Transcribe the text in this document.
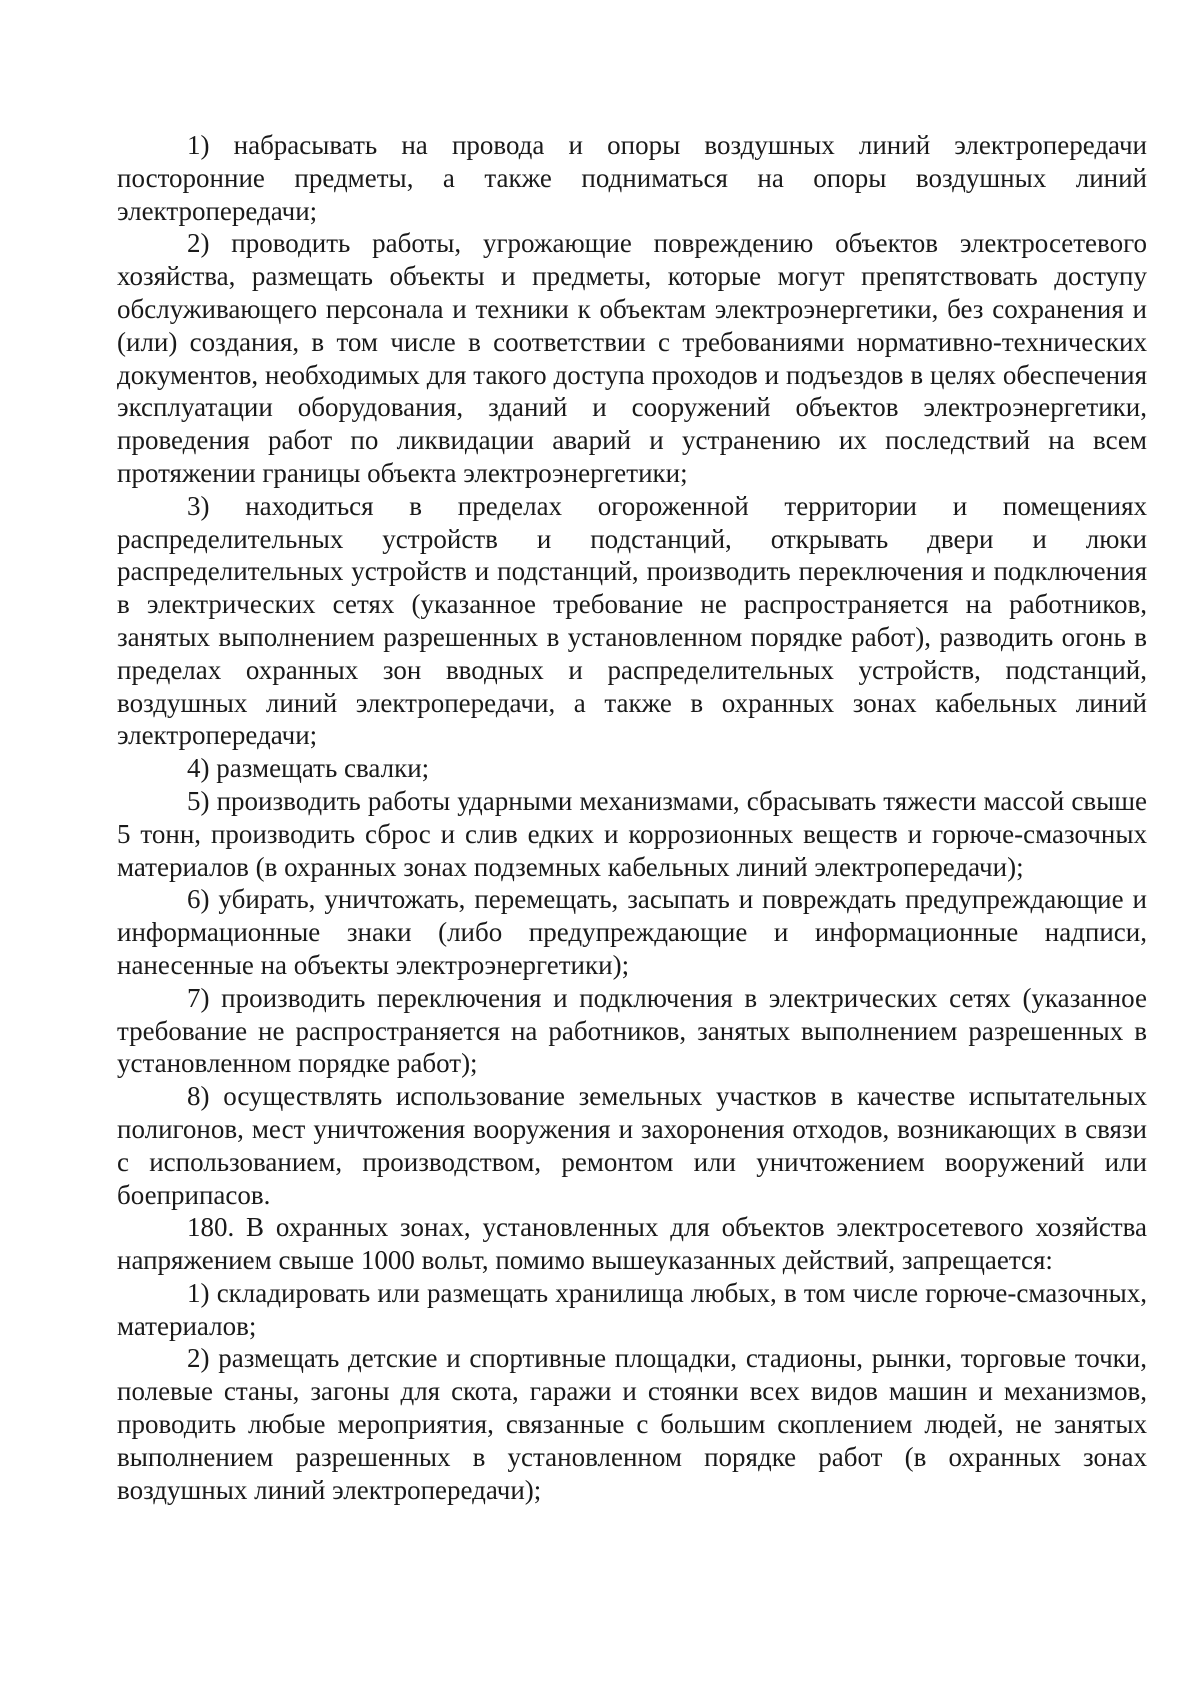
1) набрасывать на провода и опоры воздушных линий электропередачи посторонние предметы, а также подниматься на опоры воздушных линий электропередачи;

2) проводить работы, угрожающие повреждению объектов электросетевого хозяйства, размещать объекты и предметы, которые могут препятствовать доступу обслуживающего персонала и техники к объектам электроэнергетики, без сохранения и (или) создания, в том числе в соответствии с требованиями нормативно-технических документов, необходимых для такого доступа проходов и подъездов в целях обеспечения эксплуатации оборудования, зданий и сооружений объектов электроэнергетики, проведения работ по ликвидации аварий и устранению их последствий на всем протяжении границы объекта электроэнергетики;

3) находиться в пределах огороженной территории и помещениях распределительных устройств и подстанций, открывать двери и люки распределительных устройств и подстанций, производить переключения и подключения в электрических сетях (указанное требование не распространяется на работников, занятых выполнением разрешенных в установленном порядке работ), разводить огонь в пределах охранных зон вводных и распределительных устройств, подстанций, воздушных линий электропередачи, а также в охранных зонах кабельных линий электропередачи;

4) размещать свалки;

5) производить работы ударными механизмами, сбрасывать тяжести массой свыше 5 тонн, производить сброс и слив едких и коррозионных веществ и горюче-смазочных материалов (в охранных зонах подземных кабельных линий электропередачи);

6) убирать, уничтожать, перемещать, засыпать и повреждать предупреждающие и информационные знаки (либо предупреждающие и информационные надписи, нанесенные на объекты электроэнергетики);

7) производить переключения и подключения в электрических сетях (указанное требование не распространяется на работников, занятых выполнением разрешенных в установленном порядке работ);

8) осуществлять использование земельных участков в качестве испытательных полигонов, мест уничтожения вооружения и захоронения отходов, возникающих в связи с использованием, производством, ремонтом или уничтожением вооружений или боеприпасов.

180. В охранных зонах, установленных для объектов электросетевого хозяйства напряжением свыше 1000 вольт, помимо вышеуказанных действий, запрещается:

1) складировать или размещать хранилища любых, в том числе горюче-смазочных, материалов;

2) размещать детские и спортивные площадки, стадионы, рынки, торговые точки, полевые станы, загоны для скота, гаражи и стоянки всех видов машин и механизмов, проводить любые мероприятия, связанные с большим скоплением людей, не занятых выполнением разрешенных в установленном порядке работ (в охранных зонах воздушных линий электропередачи);
